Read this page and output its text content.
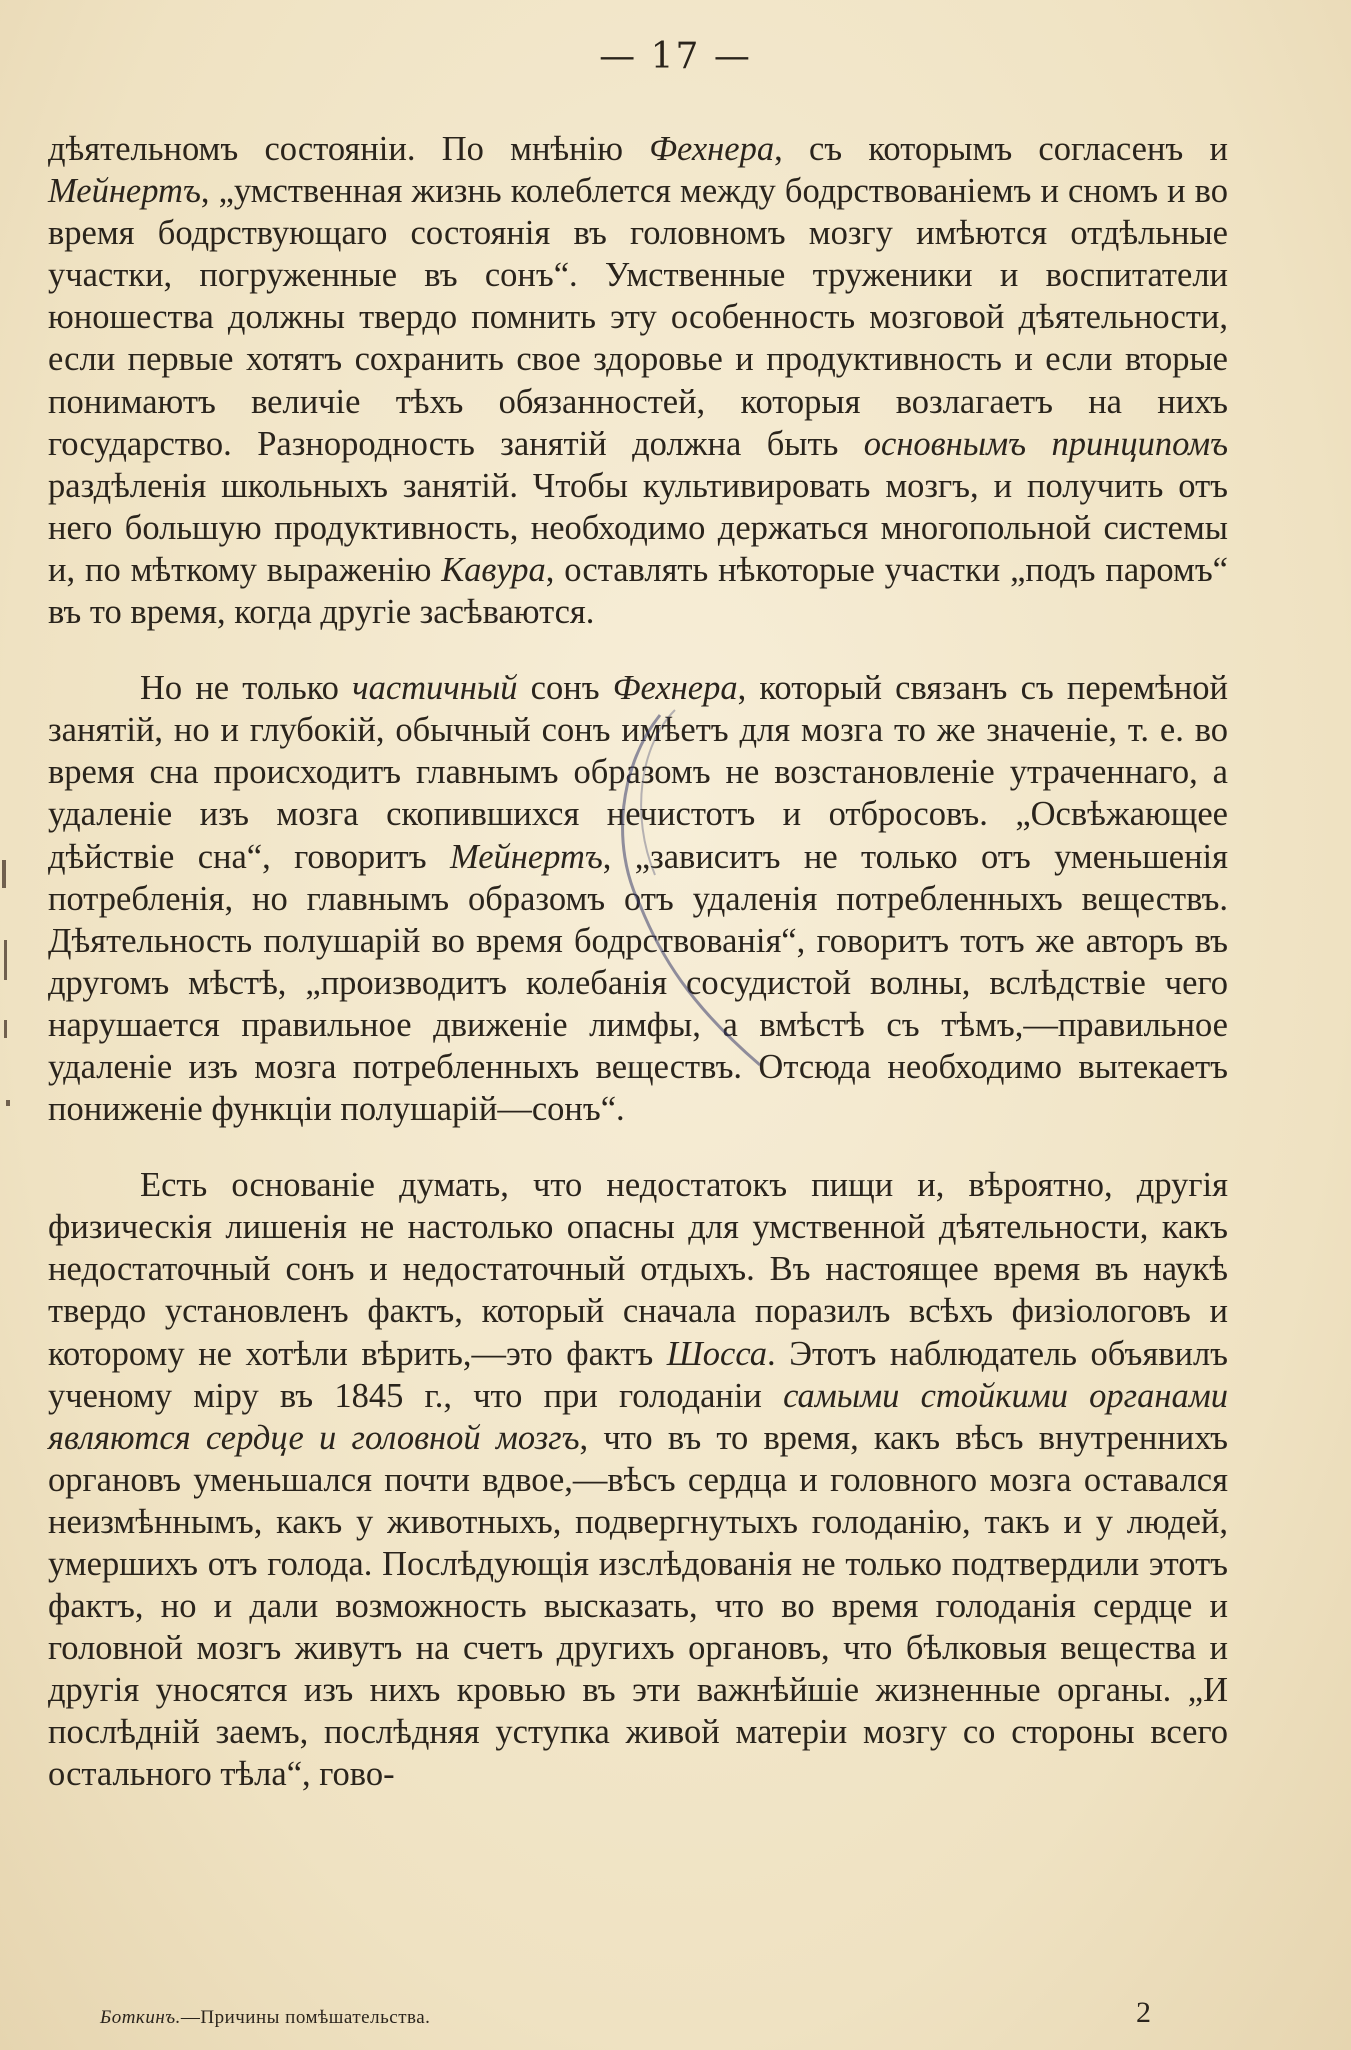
— 17 —

дѣятельномъ состояніи. По мнѣнію Фехнера, съ которымъ согласенъ и Мейнертъ, „умственная жизнь колеблется между бодрствованіемъ и сномъ и во время бодрствующаго состоянія въ головномъ мозгу имѣются отдѣльные участки, погруженные въ сонъ“. Умственные труженики и воспитатели юношества должны твердо помнить эту особенность мозговой дѣятельности, если первые хотятъ сохранить свое здоровье и продуктивность и если вторые понимаютъ величіе тѣхъ обязанностей, которыя возлагаетъ на нихъ государство. Разнородность занятій должна быть основнымъ принципомъ раздѣленія школьныхъ занятій. Чтобы культивировать мозгъ, и получить отъ него большую продуктивность, необходимо держаться многопольной системы и, по мѣткому выраженію Кавура, оставлять нѣкоторые участки „подъ паромъ“ въ то время, когда другіе засѣваются.

Но не только частичный сонъ Фехнера, который связанъ съ перемѣной занятій, но и глубокій, обычный сонъ имѣетъ для мозга то же значеніе, т. е. во время сна происходитъ главнымъ образомъ не возстановленіе утраченнаго, а удаленіе изъ мозга скопившихся нечистотъ и отбросовъ. „Освѣжающее дѣйствіе сна“, говоритъ Мейнертъ, „зависитъ не только отъ уменьшенія потребленія, но главнымъ образомъ отъ удаленія потребленныхъ веществъ. Дѣятельность полушарій во время бодрствованія“, говоритъ тотъ же авторъ въ другомъ мѣстѣ, „производитъ колебанія сосудистой волны, вслѣдствіе чего нарушается правильное движеніе лимфы, а вмѣстѣ съ тѣмъ,—правильное удаленіе изъ мозга потребленныхъ веществъ. Отсюда необходимо вытекаетъ пониженіе функціи полушарій—сонъ“.

Есть основаніе думать, что недостатокъ пищи и, вѣроятно, другія физическія лишенія не настолько опасны для умственной дѣятельности, какъ недостаточный сонъ и недостаточный отдыхъ. Въ настоящее время въ наукѣ твердо установленъ фактъ, который сначала поразилъ всѣхъ физіологовъ и которому не хотѣли вѣрить,—это фактъ Шосса. Этотъ наблюдатель объявилъ ученому міру въ 1845 г., что при голоданіи самыми стойкими органами являются сердце и головной мозгъ, что въ то время, какъ вѣсъ внутреннихъ органовъ уменьшался почти вдвое,—вѣсъ сердца и головного мозга оставался неизмѣннымъ, какъ у животныхъ, подвергнутыхъ голоданію, такъ и у людей, умершихъ отъ голода. Послѣдующія изслѣдованія не только подтвердили этотъ фактъ, но и дали возможность высказать, что во время голоданія сердце и головной мозгъ живутъ на счетъ другихъ органовъ, что бѣлковыя вещества и другія уносятся изъ нихъ кровью въ эти важнѣйшіе жизненные органы. „И послѣдній заемъ, послѣдняя уступка живой матеріи мозгу со стороны всего остального тѣла“, гово-

Боткинъ.—Причины помѣшательства.	2
